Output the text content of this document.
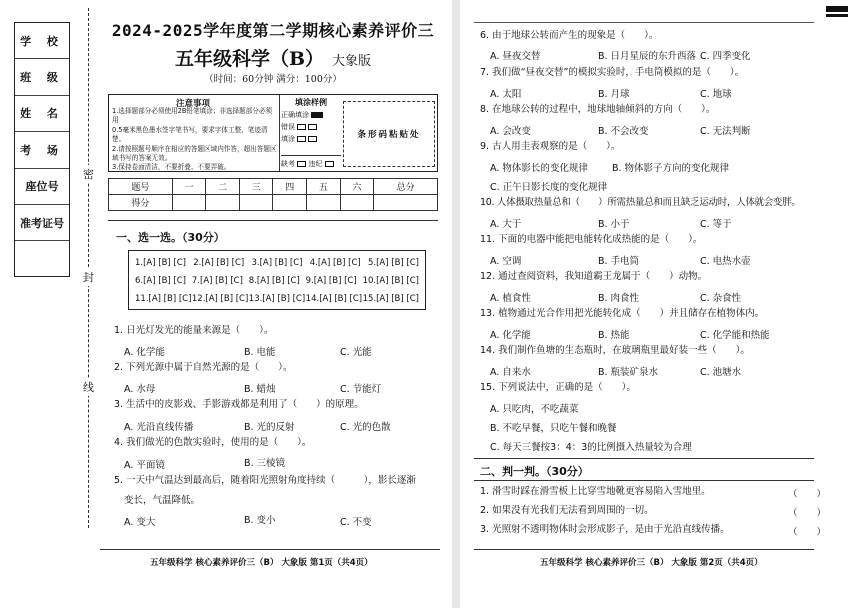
学 校
班 级
姓 名
考 场
座位号
准考证号
密
封
线
2024-2025学年度第二学期核心素养评价三
五年级科学（B） 大象版
（时间：60分钟 满分：100分）
注意事项
1.选择题部分必须使用2B铅笔填涂；非选择题部分必须用
0.5毫米黑色墨水签字笔书写，要求字体工整、笔迹清楚。
2.请按照题号顺序在相应的答题区域内作答，超出答题区
域书写的答案无效。
3.保持卷面清洁，不要折叠、不要弄破。
填涂样例
正确填涂
错误
填涂
缺考 违纪
条形码粘贴处
题号	一	二	三	四	五	六	总分
得分							
一、选一选。（30分）
1.[A] [B] [C] 2.[A] [B] [C] 3.[A] [B] [C] 4.[A] [B] [C] 5.[A] [B] [C]
6.[A] [B] [C] 7.[A] [B] [C] 8.[A] [B] [C] 9.[A] [B] [C] 10.[A] [B] [C]
11.[A] [B] [C] 12.[A] [B] [C] 13.[A] [B] [C] 14.[A] [B] [C] 15.[A] [B] [C]
1. 日光灯发光的能量来源是（　　）。
A. 化学能	B. 电能	C. 光能
2. 下列光源中属于自然光源的是（　　）。
A. 水母	B. 蜡烛	C. 节能灯
3. 生活中的皮影戏、手影游戏都是利用了（　　）的原理。
A. 光沿直线传播	B. 光的反射	C. 光的色散
4. 我们做光的色散实验时，使用的是（　　）。
A. 平面镜	B. 三棱镜
5. 一天中气温达到最高后，随着阳光照射角度持续（　　　），影长逐渐
变长，气温降低。
A. 变大	B. 变小	C. 不变
五年级科学 核心素养评价三（B） 大象版 第1页（共4页）
6. 由于地球公转而产生的现象是（　　）。
A. 昼夜交替	B. 日月星辰的东升西落 C. 四季变化
7. 我们做“昼夜交替”的模拟实验时，手电筒模拟的是（　　）。
A. 太阳	B. 月球	C. 地球
8. 在地球公转的过程中，地球地轴倾斜的方向（　　）。
A. 会改变	B. 不会改变	C. 无法判断
9. 古人用圭表观察的是（　　）。
A. 物体影长的变化规律	B. 物体影子方向的变化规律
C. 正午日影长度的变化规律
10. 人体摄取热量总和（　　）所需热量总和而且缺乏运动时，人体就会变胖。
A. 大于	B. 小于	C. 等于
11. 下面的电器中能把电能转化成热能的是（　　）。
A. 空调	B. 手电筒	C. 电热水壶
12. 通过查阅资料，我知道霸王龙属于（　　）动物。
A. 植食性	B. 肉食性	C. 杂食性
13. 植物通过光合作用把光能转化成（　　）并且储存在植物体内。
A. 化学能	B. 热能	C. 化学能和热能
14. 我们制作鱼塘的生态瓶时，在玻璃瓶里最好装一些（　　）。
A. 自来水	B. 瓶装矿泉水	C. 池塘水
15. 下列说法中，正确的是（　　）。
A. 只吃肉，不吃蔬菜
B. 不吃早餐，只吃午餐和晚餐
C. 每天三餐按3：4：3的比例摄入热量较为合理
二、判一判。（30分）
1. 滑雪时踩在滑雪板上比穿雪地靴更容易陷入雪地里。	（　　）
2. 如果没有光我们无法看到周围的一切。	（　　）
3. 光照射不透明物体时会形成影子，是由于光沿直线传播。	（　　）
五年级科学 核心素养评价三（B） 大象版 第2页（共4页）
